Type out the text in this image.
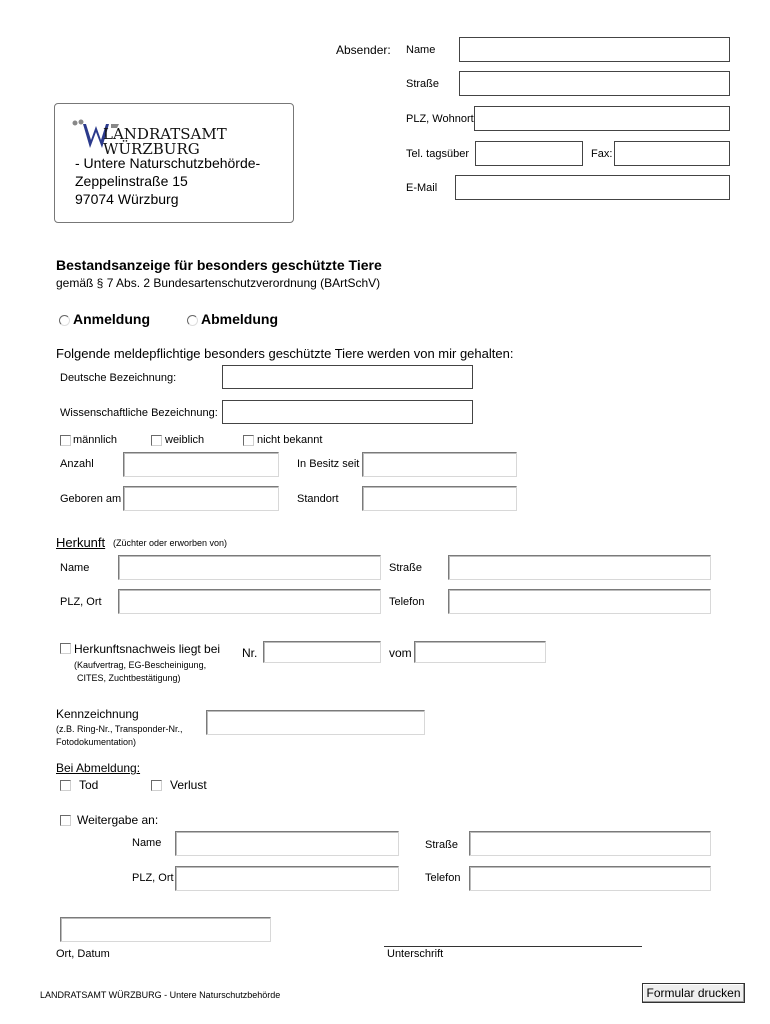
Absender: Name
Straße
PLZ, Wohnort
Tel. tagsüber	Fax:
E-Mail
LANDRATSAMT
WÜRZBURG
- Untere Naturschutzbehörde-
Zeppelinstraße 15
97074 Würzburg
Bestandsanzeige für besonders geschützte Tiere
gemäß § 7 Abs. 2 Bundesartenschutzverordnung (BArtSchV)
Anmeldung	Abmeldung
Folgende meldepflichtige besonders geschützte Tiere werden von mir gehalten:
Deutsche Bezeichnung:
Wissenschaftliche Bezeichnung:
männlich	weiblich	nicht bekannt
Anzahl	In Besitz seit
Geboren am	Standort
Herkunft (Züchter oder erworben von)
Name	Straße
PLZ, Ort	Telefon
Herkunftsnachweis liegt bei
(Kaufvertrag, EG-Bescheinigung,
CITES, Zuchtbestätigung)
Nr.	vom
Kennzeichnung
(z.B. Ring-Nr., Transponder-Nr.,
Fotodokumentation)
Bei Abmeldung:
Tod	Verlust
Weitergabe an:
Name	Straße
PLZ, Ort	Telefon
Ort, Datum	Unterschrift
LANDRATSAMT WÜRZBURG - Untere Naturschutzbehörde	Formular drucken
